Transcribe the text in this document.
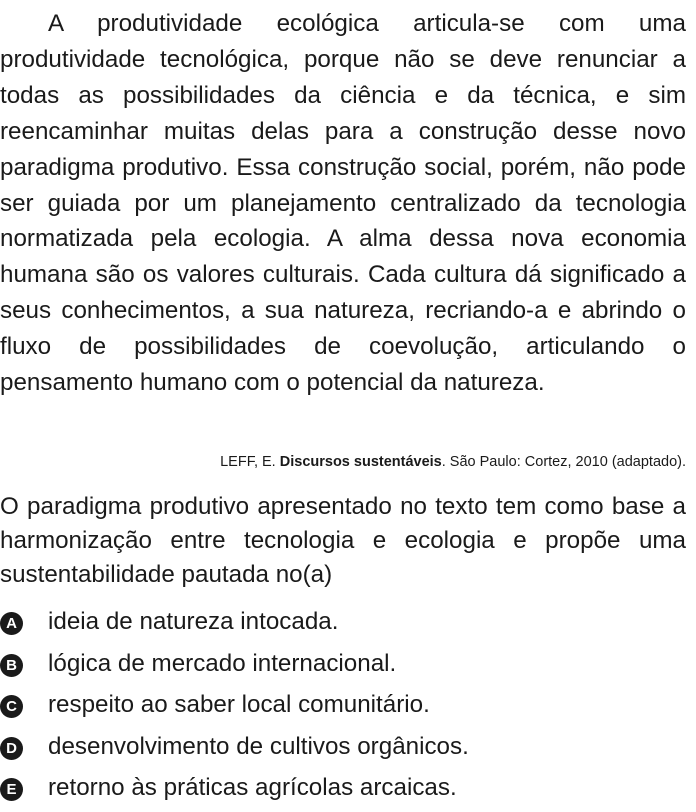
A produtividade ecológica articula-se com uma produtividade tecnológica, porque não se deve renunciar a todas as possibilidades da ciência e da técnica, e sim reencaminhar muitas delas para a construção desse novo paradigma produtivo. Essa construção social, porém, não pode ser guiada por um planejamento centralizado da tecnologia normatizada pela ecologia. A alma dessa nova economia humana são os valores culturais. Cada cultura dá significado a seus conhecimentos, a sua natureza, recriando-a e abrindo o fluxo de possibilidades de coevolução, articulando o pensamento humano com o potencial da natureza.

LEFF, E. Discursos sustentáveis. São Paulo: Cortez, 2010 (adaptado).

O paradigma produtivo apresentado no texto tem como base a harmonização entre tecnologia e ecologia e propõe uma sustentabilidade pautada no(a)

A ideia de natureza intocada.
B lógica de mercado internacional.
C respeito ao saber local comunitário.
D desenvolvimento de cultivos orgânicos.
E retorno às práticas agrícolas arcaicas.
